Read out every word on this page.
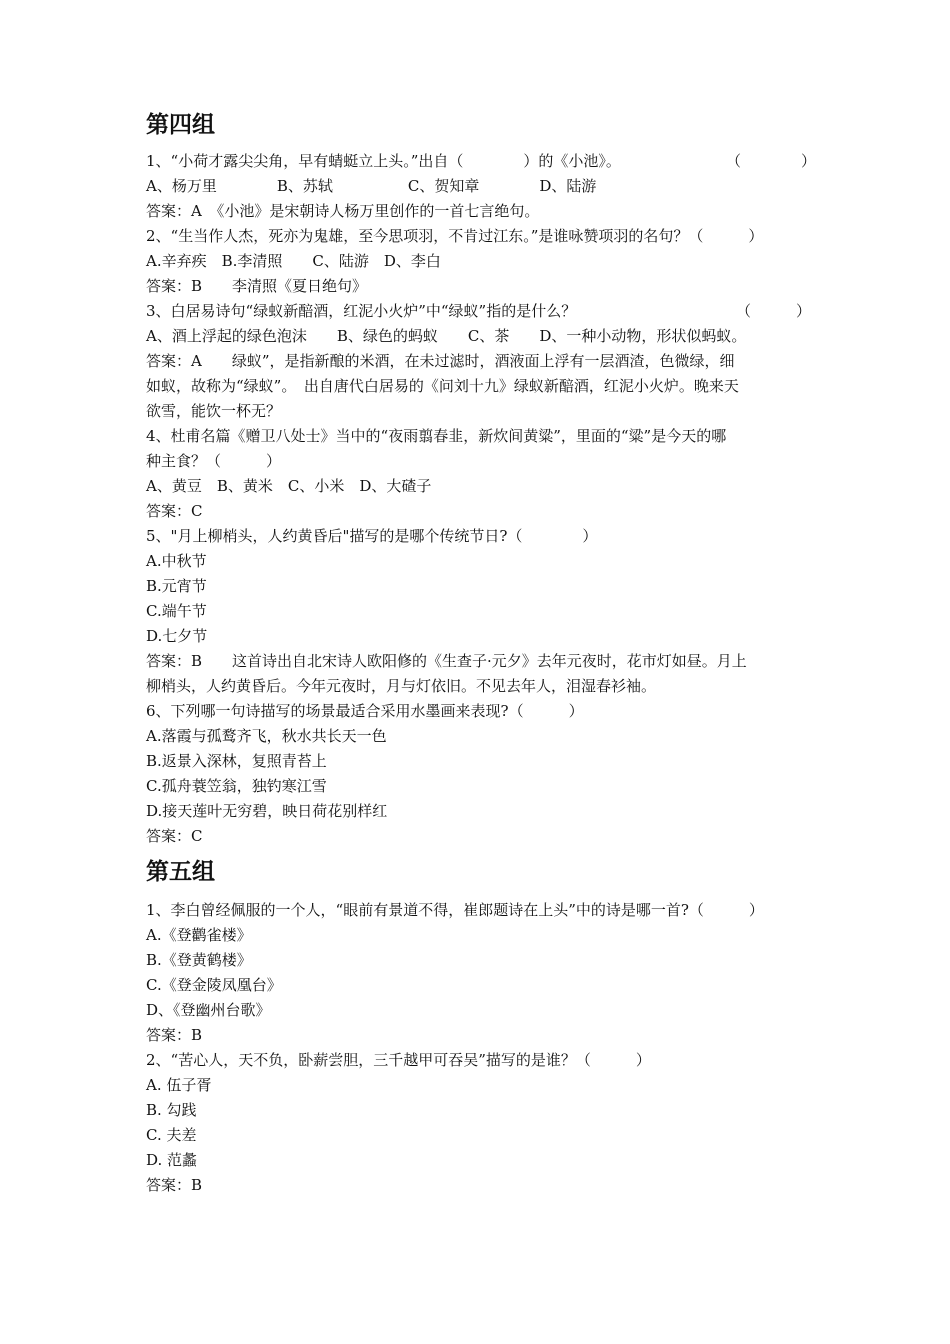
第四组
1、“小荷才露尖尖角，早有蜻蜓立上头。”出自（　　　　）的《小池》。	（　　　　）
A、杨万里　　　　B、苏轼　　　　　C、贺知章　　　　D、陆游
答案：A　《小池》是宋朝诗人杨万里创作的一首七言绝句。
2、“生当作人杰，死亦为鬼雄，至今思项羽，不肯过江东。”是谁咏赞项羽的名句？（　　　）
A.辛弃疾　B.李清照　　C、陆游　D、李白
答案：B　　李清照《夏日绝句》
3、白居易诗句“绿蚁新醅酒，红泥小火炉”中“绿蚁”指的是什么？	（　　　）
A、酒上浮起的绿色泡沫　　B、绿色的蚂蚁　　C、茶　　D、一种小动物，形状似蚂蚁。
答案：A　　绿蚁”，是指新酿的米酒，在未过滤时，酒液面上浮有一层酒渣，色微绿，细
如蚁，故称为“绿蚁”。　出自唐代白居易的《问刘十九》绿蚁新醅酒，红泥小火炉。晚来天
欲雪，能饮一杯无？
4、杜甫名篇《赠卫八处士》当中的“夜雨翦春韭，新炊间黄粱”，里面的“粱”是今天的哪
种主食？（　　　）
A、黄豆　B、黄米　C、小米　D、大碴子
答案：C
5、"月上柳梢头，人约黄昏后"描写的是哪个传统节日?（　　　　）
A.中秋节
B.元宵节
C.端午节
D.七夕节
答案：B　　这首诗出自北宋诗人欧阳修的《生查子·元夕》去年元夜时，花市灯如昼。月上
柳梢头，人约黄昏后。今年元夜时，月与灯依旧。不见去年人，泪湿春衫袖。
6、下列哪一句诗描写的场景最适合采用水墨画来表现?（　　　）
A.落霞与孤鹜齐飞，秋水共长天一色
B.返景入深林，复照青苔上
C.孤舟蓑笠翁，独钓寒江雪
D.接天莲叶无穷碧，映日荷花别样红
答案：C
第五组
1、李白曾经佩服的一个人，“眼前有景道不得，崔郎题诗在上头”中的诗是哪一首?（　　　）
A.《登鹳雀楼》
B.《登黄鹤楼》
C.《登金陵凤凰台》
D、《登幽州台歌》
答案：B
2、“苦心人，天不负，卧薪尝胆，三千越甲可吞吴”描写的是谁？（　　　）
A. 伍子胥
B. 勾践
C. 夫差
D. 范蠡
答案：B
